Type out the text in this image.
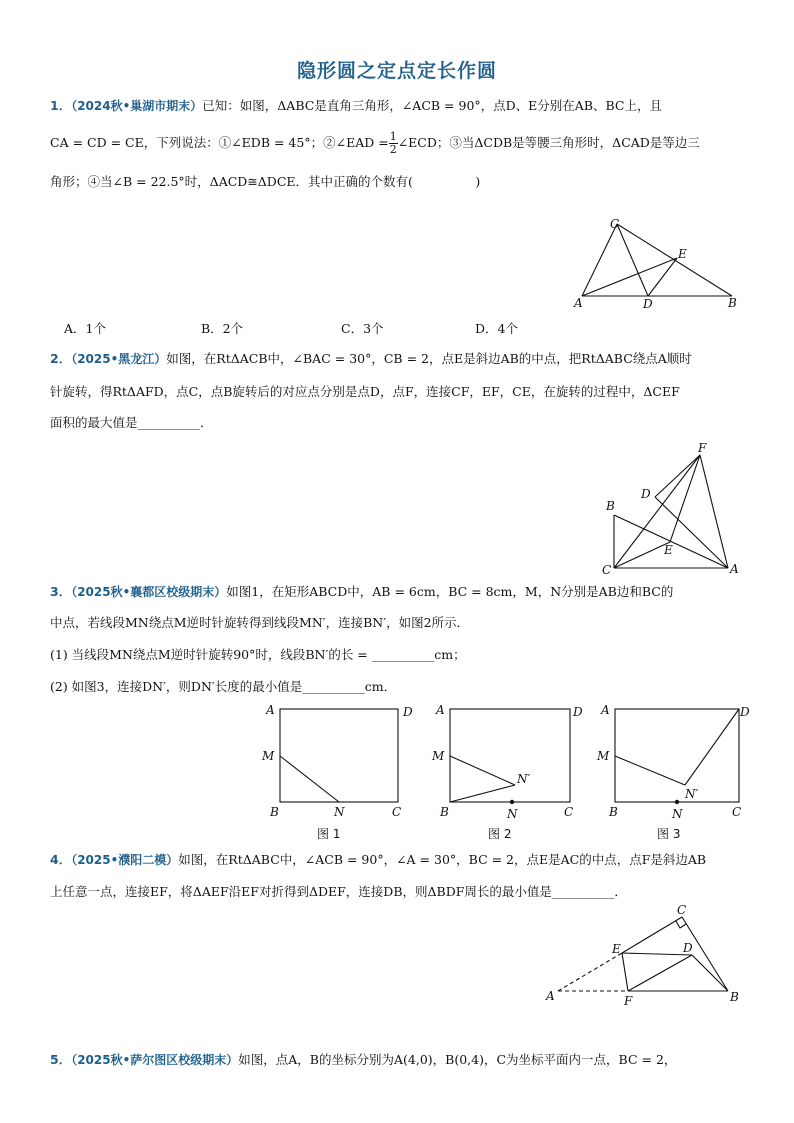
隐形圆之定点定长作圆
1．（2024秋•巢湖市期末）已知：如图，ΔABC是直角三角形，∠ACB = 90°，点D、E分别在AB、BC上，且
CA = CD = CE，下列说法：①∠EDB = 45°；②∠EAD = $\frac{1}{2}$ ∠ECD；③当ΔCDB是等腰三角形时，ΔCAD是等边三
角形；④当∠B = 22.5°时，ΔACD≅ΔDCE．其中正确的个数有(　　　　　)
C
E
A	D	B
A．1个	B．2个	C．3个	D．4个
2．（2025•黑龙江）如图，在RtΔACB中，∠BAC = 30°，CB = 2，点E是斜边AB的中点，把RtΔABC绕点A顺时
针旋转，得RtΔAFD，点C，点B旋转后的对应点分别是点D，点F，连接CF，EF，CE，在旋转的过程中，ΔCEF
面积的最大值是__________．
F
D
B
E
C	A
3．（2025秋•襄都区校级期末）如图1，在矩形ABCD中，AB = 6cm，BC = 8cm，M，N分别是AB边和BC的
中点，若线段MN绕点M逆时针旋转得到线段MN′，连接BN′，如图2所示．
(1) 当线段MN绕点M逆时针旋转90°时，线段BN′的长 = __________cm；
(2) 如图3，连接DN′，则DN′长度的最小值是__________cm．
A	D
M
B	N	C
图 1
A	D
M
N′
B	N	C
图 2
A	D
M
N′
B	N	C
图 3
4．（2025•濮阳二模）如图，在RtΔABC中，∠ACB = 90°，∠A = 30°，BC = 2，点E是AC的中点，点F是斜边AB
上任意一点，连接EF，将ΔAEF沿EF对折得到ΔDEF，连接DB，则ΔBDF周长的最小值是__________．
C
E	D
A	F	B
5．（2025秋•萨尔图区校级期末）如图，点A，B的坐标分别为A(4,0)，B(0,4)，C为坐标平面内一点，BC = 2，
